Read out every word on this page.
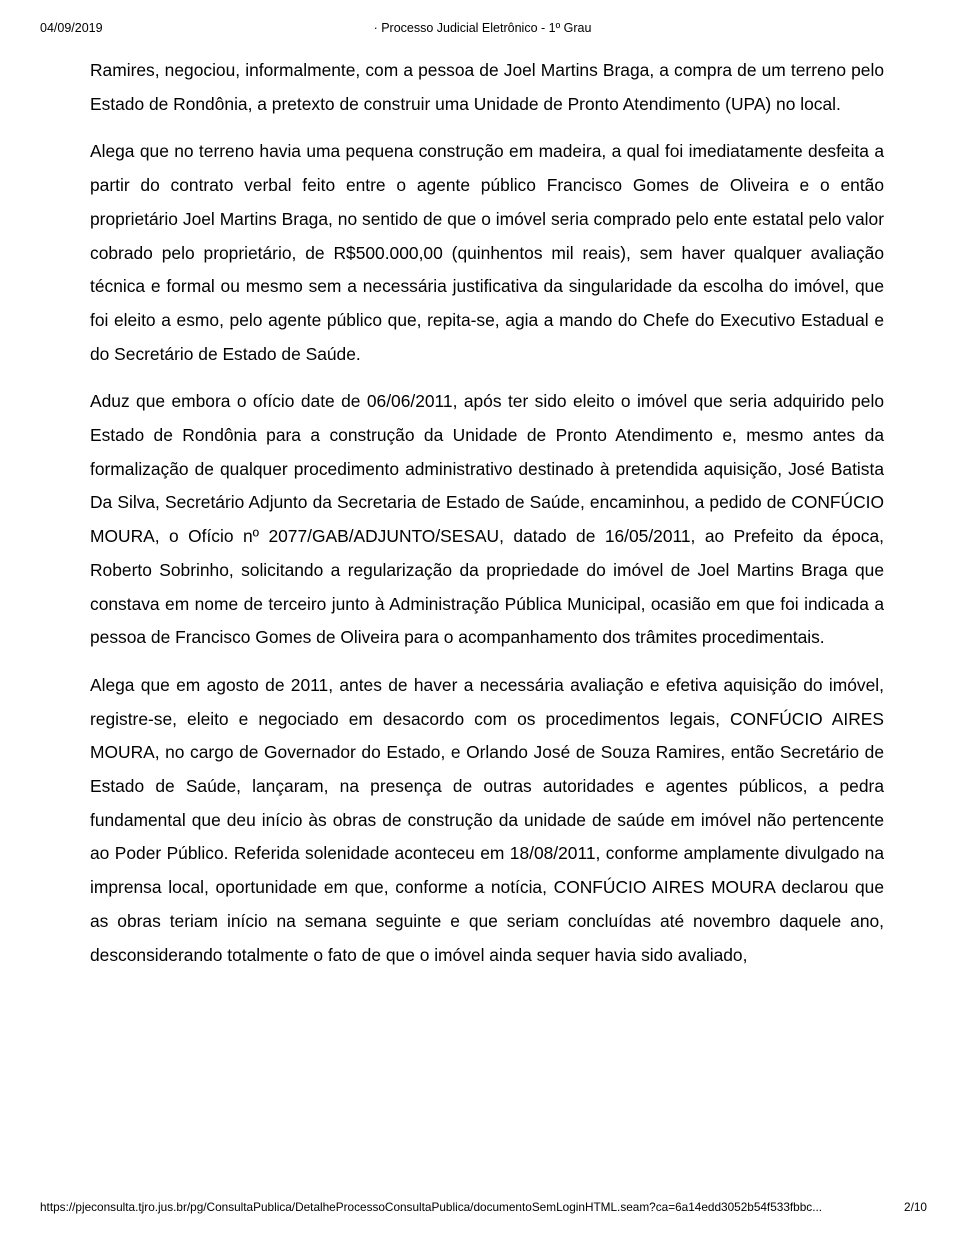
04/09/2019	· Processo Judicial Eletrônico - 1º Grau

Ramires, negociou, informalmente, com a pessoa de Joel Martins Braga, a compra de um terreno pelo Estado de Rondônia, a pretexto de construir uma Unidade de Pronto Atendimento (UPA) no local.

Alega que no terreno havia uma pequena construção em madeira, a qual foi imediatamente desfeita a partir do contrato verbal feito entre o agente público Francisco Gomes de Oliveira e o então proprietário Joel Martins Braga, no sentido de que o imóvel seria comprado pelo ente estatal pelo valor cobrado pelo proprietário, de R$500.000,00 (quinhentos mil reais), sem haver qualquer avaliação técnica e formal ou mesmo sem a necessária justificativa da singularidade da escolha do imóvel, que foi eleito a esmo, pelo agente público que, repita-se, agia a mando do Chefe do Executivo Estadual e do Secretário de Estado de Saúde.

Aduz que embora o ofício date de 06/06/2011, após ter sido eleito o imóvel que seria adquirido pelo Estado de Rondônia para a construção da Unidade de Pronto Atendimento e, mesmo antes da formalização de qualquer procedimento administrativo destinado à pretendida aquisição, José Batista Da Silva, Secretário Adjunto da Secretaria de Estado de Saúde, encaminhou, a pedido de CONFÚCIO MOURA, o Ofício nº 2077/GAB/ADJUNTO/SESAU, datado de 16/05/2011, ao Prefeito da época, Roberto Sobrinho, solicitando a regularização da propriedade do imóvel de Joel Martins Braga que constava em nome de terceiro junto à Administração Pública Municipal, ocasião em que foi indicada a pessoa de Francisco Gomes de Oliveira para o acompanhamento dos trâmites procedimentais.

Alega que em agosto de 2011, antes de haver a necessária avaliação e efetiva aquisição do imóvel, registre-se, eleito e negociado em desacordo com os procedimentos legais, CONFÚCIO AIRES MOURA, no cargo de Governador do Estado, e Orlando José de Souza Ramires, então Secretário de Estado de Saúde, lançaram, na presença de outras autoridades e agentes públicos, a pedra fundamental que deu início às obras de construção da unidade de saúde em imóvel não pertencente ao Poder Público. Referida solenidade aconteceu em 18/08/2011, conforme amplamente divulgado na imprensa local, oportunidade em que, conforme a notícia, CONFÚCIO AIRES MOURA declarou que as obras teriam início na semana seguinte e que seriam concluídas até novembro daquele ano, desconsiderando totalmente o fato de que o imóvel ainda sequer havia sido avaliado,

https://pjeconsulta.tjro.jus.br/pg/ConsultaPublica/DetalheProcessoConsultaPublica/documentoSemLoginHTML.seam?ca=6a14edd3052b54f533fbbc...	2/10
